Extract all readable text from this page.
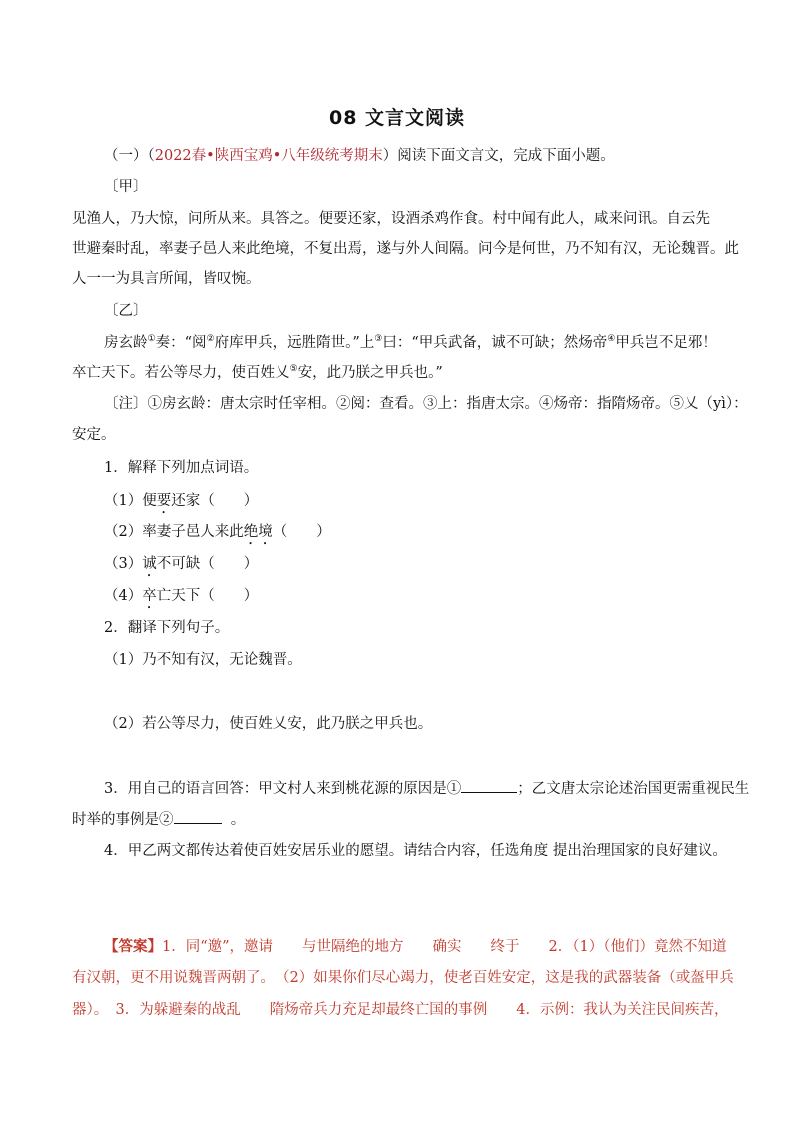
08 文言文阅读
（一）（2022春•陕西宝鸡•八年级统考期末）阅读下面文言文，完成下面小题。
〔甲〕
见渔人，乃大惊，问所从来。具答之。便要还家，设酒杀鸡作食。村中闻有此人，咸来问讯。自云先
世避秦时乱，率妻子邑人来此绝境，不复出焉，遂与外人间隔。问今是何世，乃不知有汉，无论魏晋。此
人一一为具言所闻，皆叹惋。
〔乙〕
房玄龄①奏：“阅②府库甲兵，远胜隋世。”上③曰：“甲兵武备，诚不可缺；然炀帝④甲兵岂不足邪！
卒亡天下。若公等尽力，使百姓乂⑤安，此乃朕之甲兵也。”
〔注〕①房玄龄：唐太宗时任宰相。②阅：查看。③上：指唐太宗。④炀帝：指隋炀帝。⑤乂（yì）：
安定。
1．解释下列加点词语。
（1）便要还家（　　）
（2）率妻子邑人来此绝境（　　）
（3）诚不可缺（　　）
（4）卒亡天下（　　）
2．翻译下列句子。
（1）乃不知有汉，无论魏晋。
（2）若公等尽力，使百姓乂安，此乃朕之甲兵也。
3．用自己的语言回答：甲文村人来到桃花源的原因是①	；乙文唐太宗论述治国更需重视民生
时举的事例是②	。
4．甲乙两文都传达着使百姓安居乐业的愿望。请结合内容，任选角度 提出治理国家的良好建议。
【答案】1．同“邀”，邀请　　与世隔绝的地方　　确实　　终于　　2．（1）（他们）竟然不知道
有汉朝，更不用说魏晋两朝了。　（2）如果你们尽心竭力，使老百姓安定，这是我的武器装备（或盔甲兵
器）。　3．为躲避秦的战乱　　隋炀帝兵力充足却最终亡国的事例　　4．示例：我认为关注民间疾苦，
